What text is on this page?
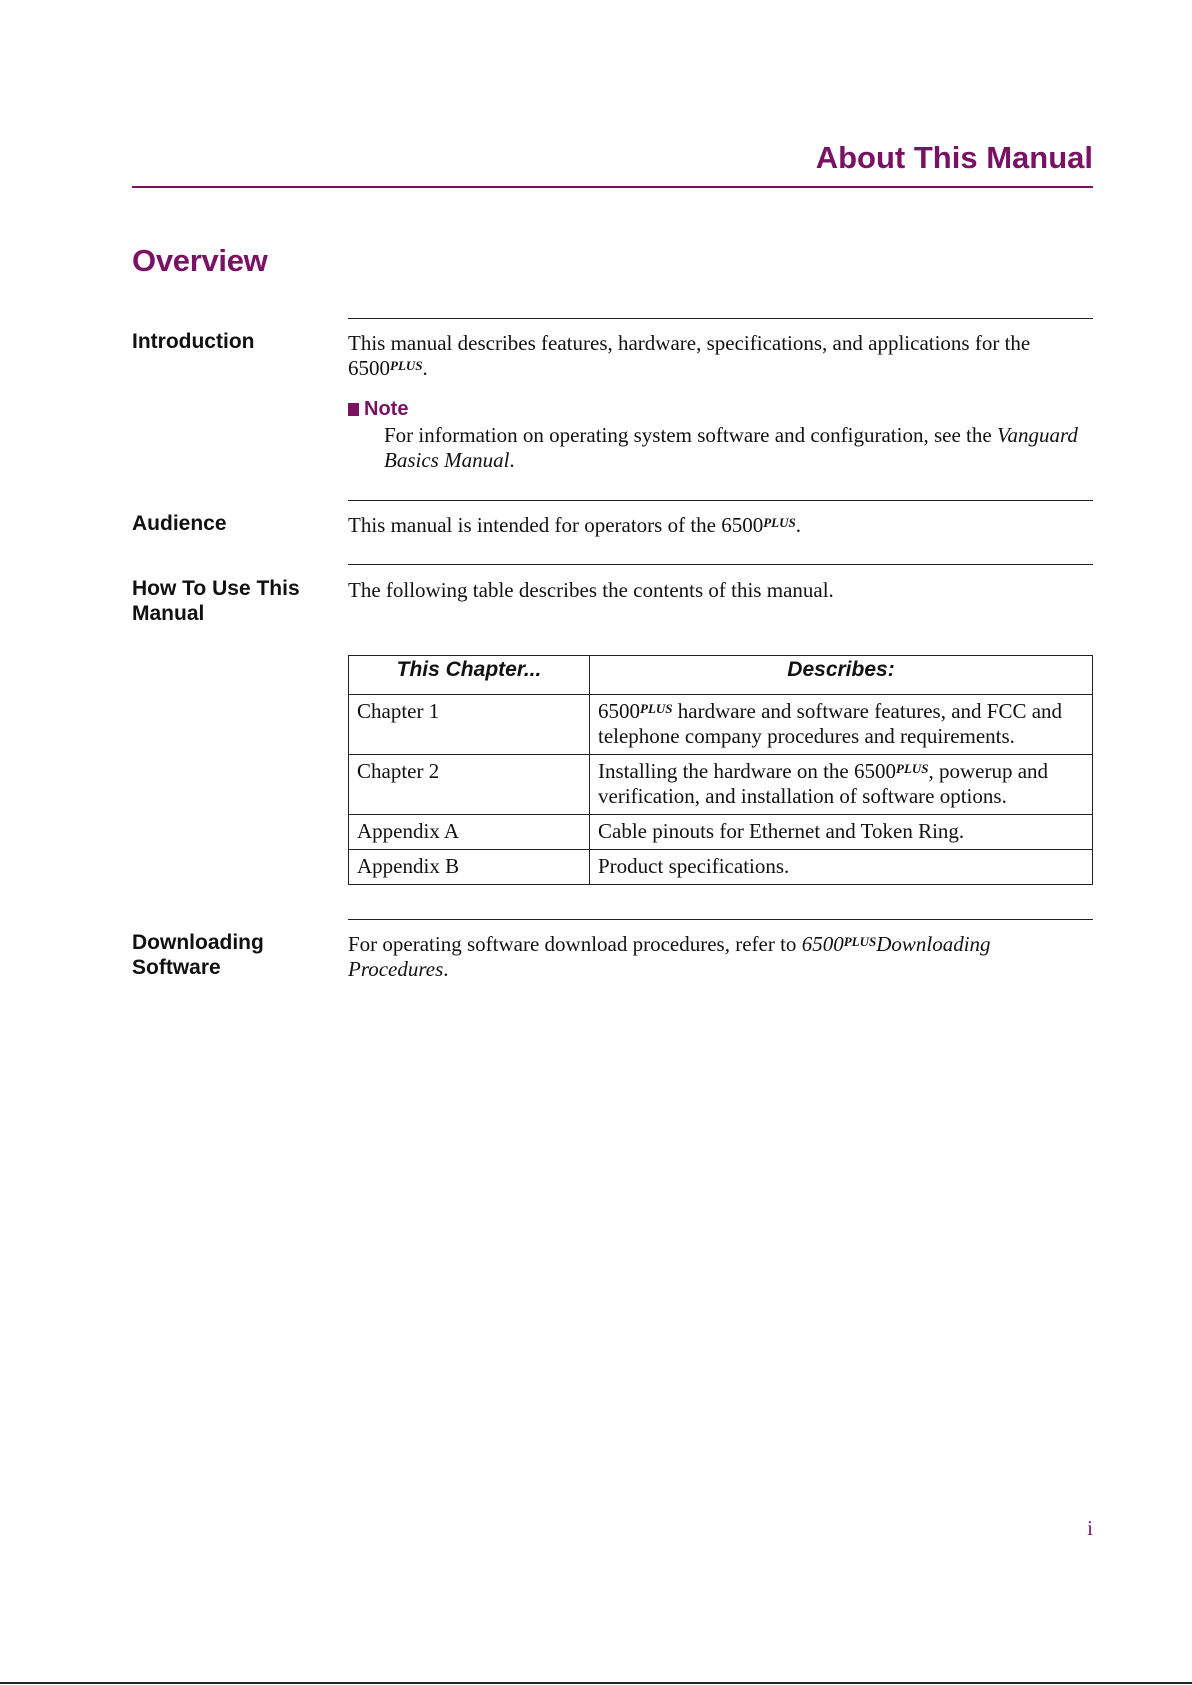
About This Manual
Overview
Introduction	This manual describes features, hardware, specifications, and applications for the $6500^{PLUS}$.

Note

For information on operating system software and configuration, see the Vanguard Basics Manual.

Audience	This manual is intended for operators of the $6500^{PLUS}$.

How To Use This Manual

The following table describes the contents of this manual.

This Chapter...	Describes:
Chapter 1	$6500^{PLUS}$ hardware and software features, and FCC and telephone company procedures and requirements.
Chapter 2	Installing the hardware on the $6500^{PLUS}$, powerup and verification, and installation of software options.
Appendix A	Cable pinouts for Ethernet and Token Ring.
Appendix B	Product specifications.
Downloading Software

For operating software download procedures, refer to $6500^{PLUS}Downloading$ Procedures.

i
